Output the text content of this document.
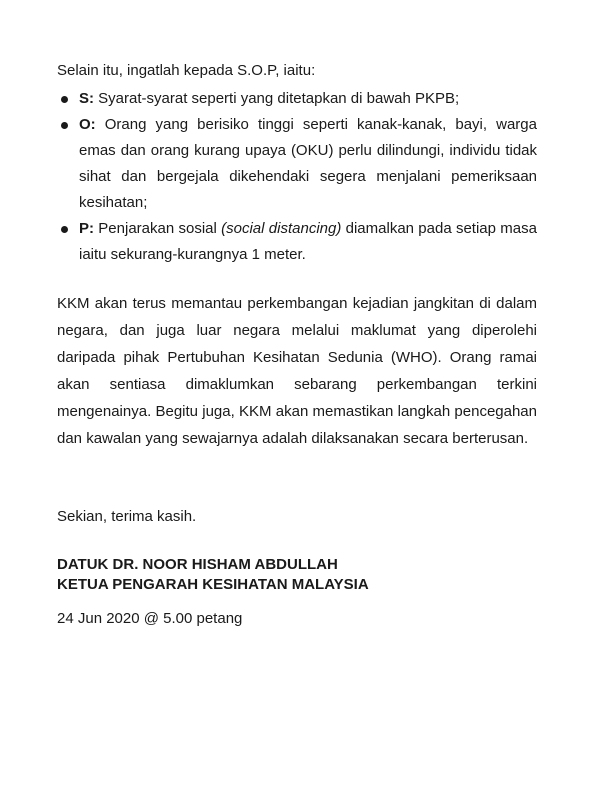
Selain itu, ingatlah kepada S.O.P, iaitu:
S: Syarat-syarat seperti yang ditetapkan di bawah PKPB;
O: Orang yang berisiko tinggi seperti kanak-kanak, bayi, warga emas dan orang kurang upaya (OKU) perlu dilindungi, individu tidak sihat dan bergejala dikehendaki segera menjalani pemeriksaan kesihatan;
P: Penjarakan sosial (social distancing) diamalkan pada setiap masa iaitu sekurang-kurangnya 1 meter.

KKM akan terus memantau perkembangan kejadian jangkitan di dalam negara, dan juga luar negara melalui maklumat yang diperolehi daripada pihak Pertubuhan Kesihatan Sedunia (WHO). Orang ramai akan sentiasa dimaklumkan sebarang perkembangan terkini mengenainya. Begitu juga, KKM akan memastikan langkah pencegahan dan kawalan yang sewajarnya adalah dilaksanakan secara berterusan.

Sekian, terima kasih.
DATUK DR. NOOR HISHAM ABDULLAH
KETUA PENGARAH KESIHATAN MALAYSIA
24 Jun 2020 @ 5.00 petang
